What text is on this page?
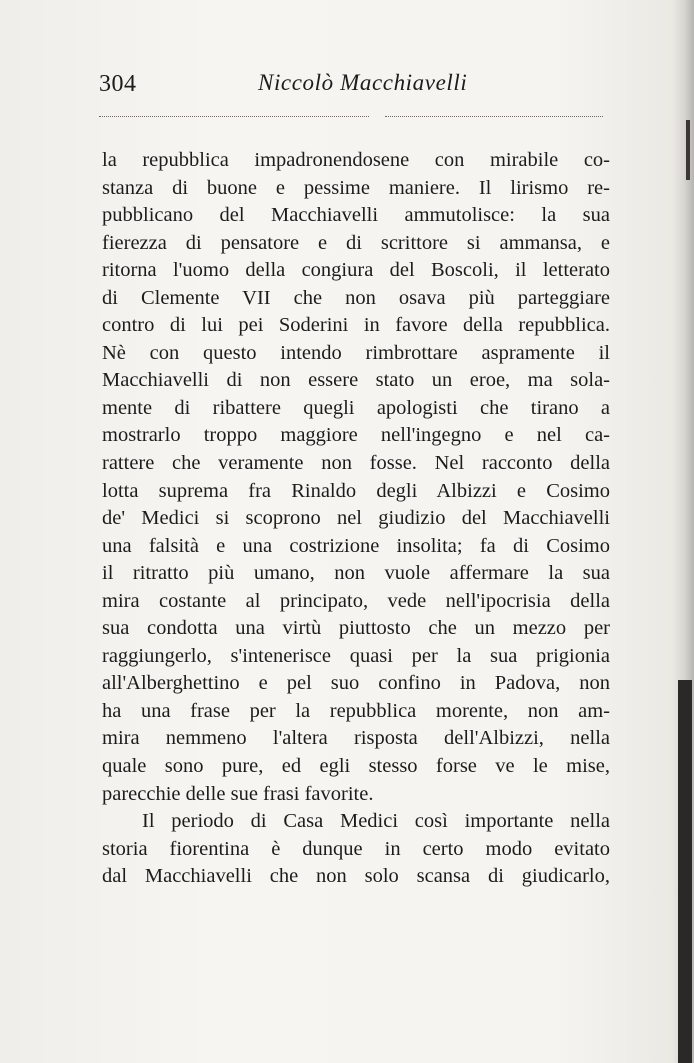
304	Niccolò Macchiavelli
la repubblica impadronendosene con mirabile co-
stanza di buone e pessime maniere. Il lirismo re-
pubblicano del Macchiavelli ammutolisce: la sua
fierezza di pensatore e di scrittore si ammansa, e
ritorna l'uomo della congiura del Boscoli, il letterato
di Clemente VII che non osava più parteggiare
contro di lui pei Soderini in favore della repubblica.
Nè con questo intendo rimbrottare aspramente il
Macchiavelli di non essere stato un eroe, ma sola-
mente di ribattere quegli apologisti che tirano a
mostrarlo troppo maggiore nell'ingegno e nel ca-
rattere che veramente non fosse. Nel racconto della
lotta suprema fra Rinaldo degli Albizzi e Cosimo
de' Medici si scoprono nel giudizio del Macchiavelli
una falsità e una costrizione insolita; fa di Cosimo
il ritratto più umano, non vuole affermare la sua
mira costante al principato, vede nell'ipocrisia della
sua condotta una virtù piuttosto che un mezzo per
raggiungerlo, s'intenerisce quasi per la sua prigionia
all'Alberghettino e pel suo confino in Padova, non
ha una frase per la repubblica morente, non am-
mira nemmeno l'altera risposta dell'Albizzi, nella
quale sono pure, ed egli stesso forse ve le mise,
parecchie delle sue frasi favorite.
Il periodo di Casa Medici così importante nella
storia fiorentina è dunque in certo modo evitato
dal Macchiavelli che non solo scansa di giudicarlo,
